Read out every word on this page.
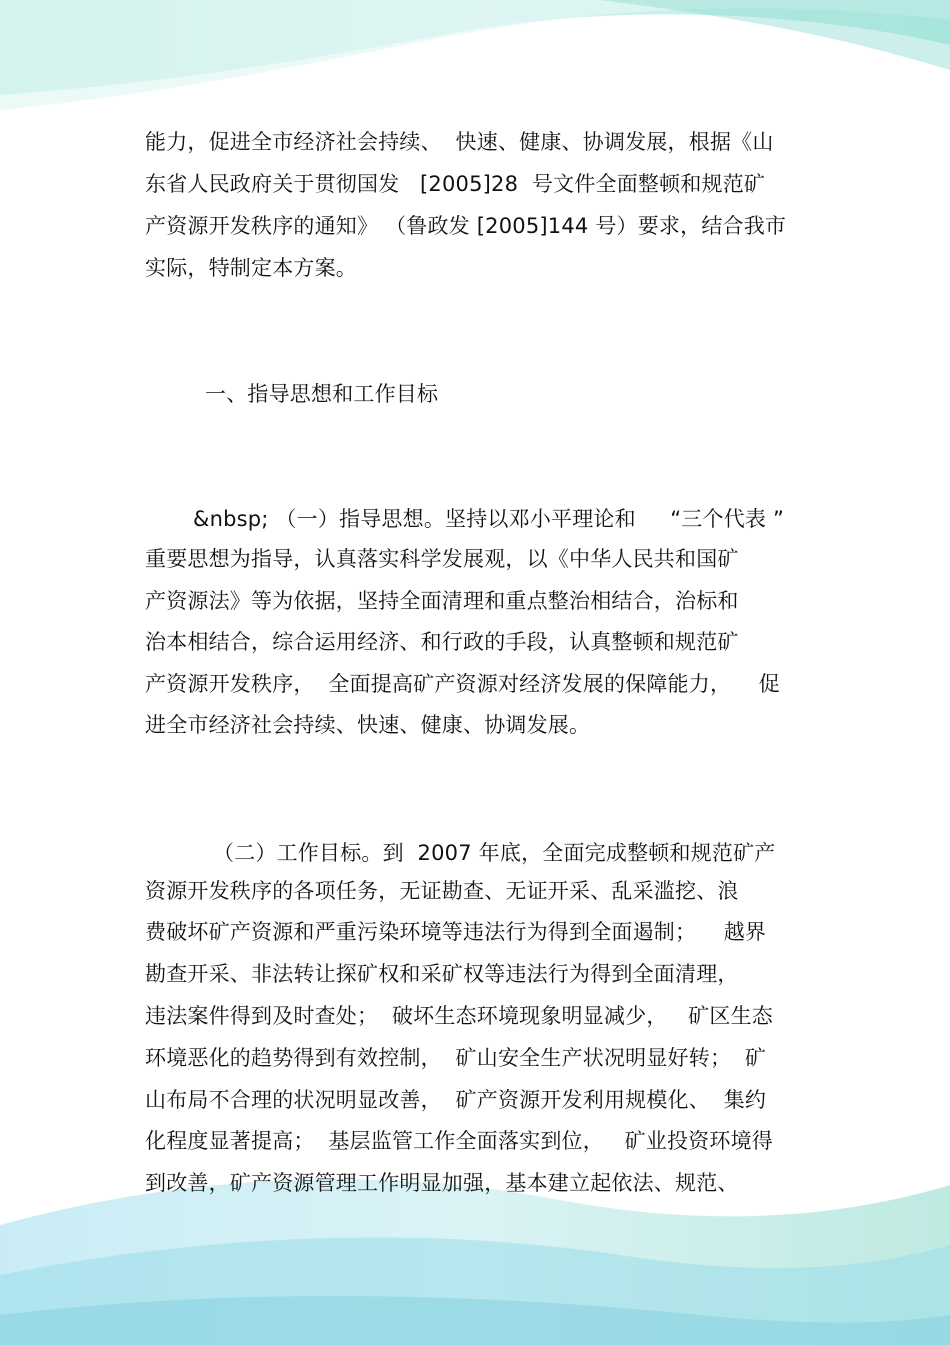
能力，促进全市经济社会持续、  快速、健康、协调发展，根据《山
东省人民政府关于贯彻国发   [2005]28  号文件全面整顿和规范矿
产资源开发秩序的通知》 （鲁政发 [2005]144 号）要求，结合我市
实际，特制定本方案。
一、指导思想和工作目标
&nbsp; （一）指导思想。坚持以邓小平理论和     “三个代表 ”
重要思想为指导，认真落实科学发展观，以《中华人民共和国矿
产资源法》等为依据，坚持全面清理和重点整治相结合，治标和
治本相结合，综合运用经济、和行政的手段，认真整顿和规范矿
产资源开发秩序，  全面提高矿产资源对经济发展的保障能力，    促
进全市经济社会持续、快速、健康、协调发展。
（二）工作目标。到  2007 年底，全面完成整顿和规范矿产
资源开发秩序的各项任务，无证勘查、无证开采、乱采滥挖、浪
费破坏矿产资源和严重污染环境等违法行为得到全面遏制；    越界
勘查开采、非法转让探矿权和采矿权等违法行为得到全面清理，
违法案件得到及时查处；  破坏生态环境现象明显减少，   矿区生态
环境恶化的趋势得到有效控制，  矿山安全生产状况明显好转；  矿
山布局不合理的状况明显改善，  矿产资源开发利用规模化、  集约
化程度显著提高；  基层监管工作全面落实到位，   矿业投资环境得
到改善，矿产资源管理工作明显加强，基本建立起依法、规范、
